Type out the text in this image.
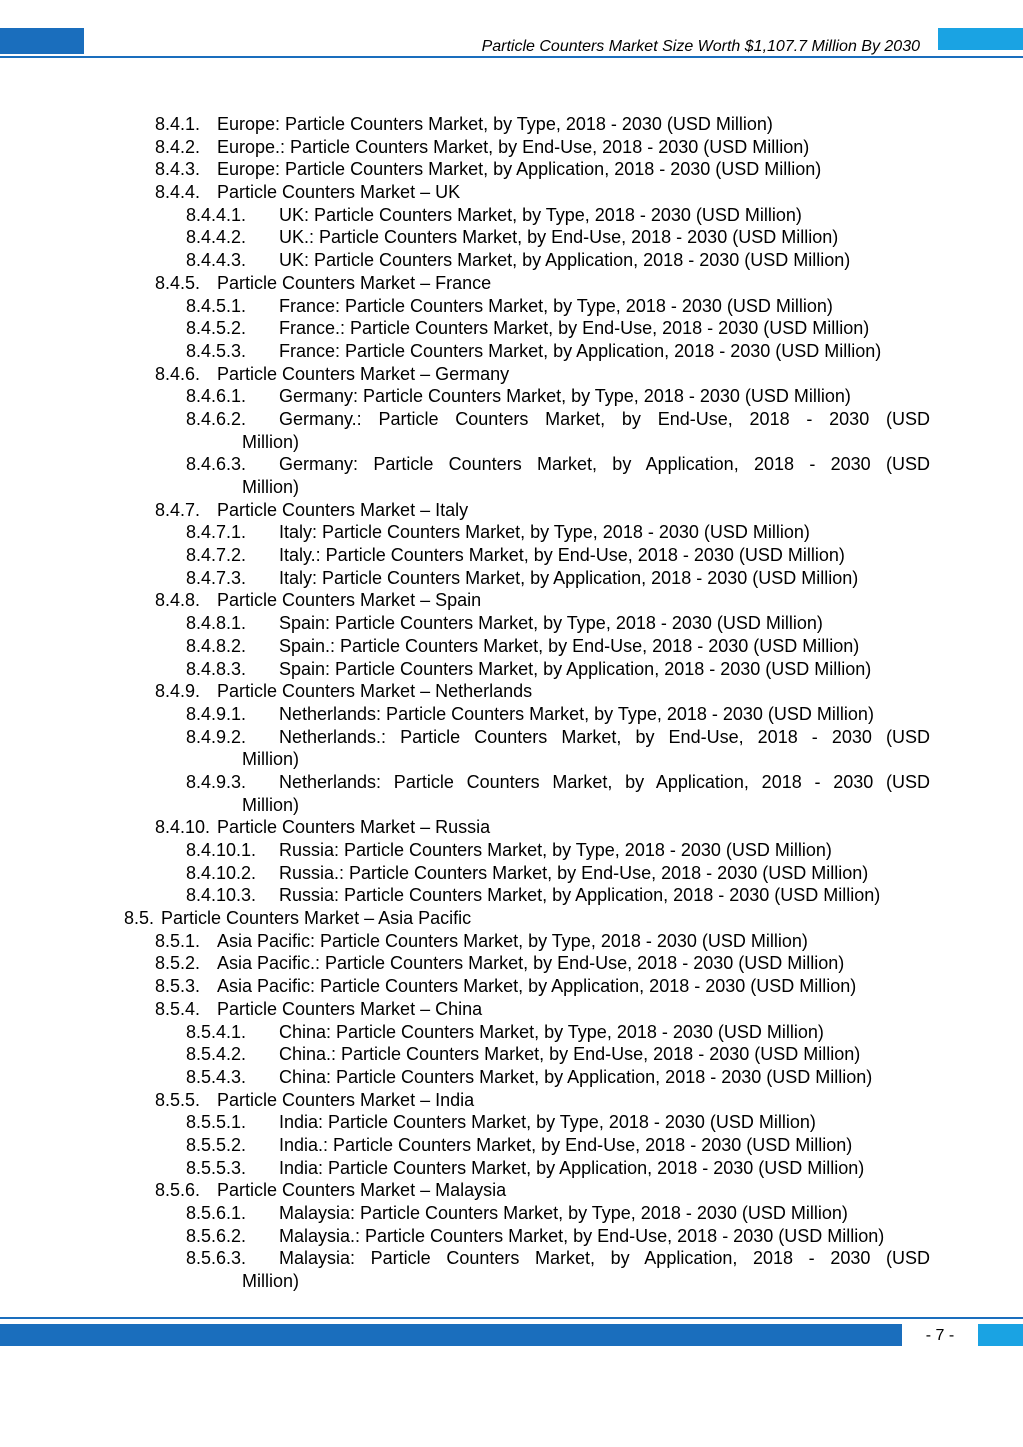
Particle Counters Market Size Worth $1,107.7 Million By 2030
8.4.1. Europe: Particle Counters Market, by Type, 2018 - 2030 (USD Million)
8.4.2. Europe.: Particle Counters Market, by End-Use, 2018 - 2030 (USD Million)
8.4.3. Europe: Particle Counters Market, by Application, 2018 - 2030 (USD Million)
8.4.4. Particle Counters Market – UK
8.4.4.1. UK: Particle Counters Market, by Type, 2018 - 2030 (USD Million)
8.4.4.2. UK.: Particle Counters Market, by End-Use, 2018 - 2030 (USD Million)
8.4.4.3. UK: Particle Counters Market, by Application, 2018 - 2030 (USD Million)
8.4.5. Particle Counters Market – France
8.4.5.1. France: Particle Counters Market, by Type, 2018 - 2030 (USD Million)
8.4.5.2. France.: Particle Counters Market, by End-Use, 2018 - 2030 (USD Million)
8.4.5.3. France: Particle Counters Market, by Application, 2018 - 2030 (USD Million)
8.4.6. Particle Counters Market – Germany
8.4.6.1. Germany: Particle Counters Market, by Type, 2018 - 2030 (USD Million)
8.4.6.2. Germany.: Particle Counters Market, by End-Use, 2018 - 2030 (USD
Million)
8.4.6.3. Germany: Particle Counters Market, by Application, 2018 - 2030 (USD
Million)
8.4.7. Particle Counters Market – Italy
8.4.7.1. Italy: Particle Counters Market, by Type, 2018 - 2030 (USD Million)
8.4.7.2. Italy.: Particle Counters Market, by End-Use, 2018 - 2030 (USD Million)
8.4.7.3. Italy: Particle Counters Market, by Application, 2018 - 2030 (USD Million)
8.4.8. Particle Counters Market – Spain
8.4.8.1. Spain: Particle Counters Market, by Type, 2018 - 2030 (USD Million)
8.4.8.2. Spain.: Particle Counters Market, by End-Use, 2018 - 2030 (USD Million)
8.4.8.3. Spain: Particle Counters Market, by Application, 2018 - 2030 (USD Million)
8.4.9. Particle Counters Market – Netherlands
8.4.9.1. Netherlands: Particle Counters Market, by Type, 2018 - 2030 (USD Million)
8.4.9.2. Netherlands.: Particle Counters Market, by End-Use, 2018 - 2030 (USD
Million)
8.4.9.3. Netherlands: Particle Counters Market, by Application, 2018 - 2030 (USD
Million)
8.4.10. Particle Counters Market – Russia
8.4.10.1. Russia: Particle Counters Market, by Type, 2018 - 2030 (USD Million)
8.4.10.2. Russia.: Particle Counters Market, by End-Use, 2018 - 2030 (USD Million)
8.4.10.3. Russia: Particle Counters Market, by Application, 2018 - 2030 (USD Million)
8.5. Particle Counters Market – Asia Pacific
8.5.1. Asia Pacific: Particle Counters Market, by Type, 2018 - 2030 (USD Million)
8.5.2. Asia Pacific.: Particle Counters Market, by End-Use, 2018 - 2030 (USD Million)
8.5.3. Asia Pacific: Particle Counters Market, by Application, 2018 - 2030 (USD Million)
8.5.4. Particle Counters Market – China
8.5.4.1. China: Particle Counters Market, by Type, 2018 - 2030 (USD Million)
8.5.4.2. China.: Particle Counters Market, by End-Use, 2018 - 2030 (USD Million)
8.5.4.3. China: Particle Counters Market, by Application, 2018 - 2030 (USD Million)
8.5.5. Particle Counters Market – India
8.5.5.1. India: Particle Counters Market, by Type, 2018 - 2030 (USD Million)
8.5.5.2. India.: Particle Counters Market, by End-Use, 2018 - 2030 (USD Million)
8.5.5.3. India: Particle Counters Market, by Application, 2018 - 2030 (USD Million)
8.5.6. Particle Counters Market – Malaysia
8.5.6.1. Malaysia: Particle Counters Market, by Type, 2018 - 2030 (USD Million)
8.5.6.2. Malaysia.: Particle Counters Market, by End-Use, 2018 - 2030 (USD Million)
8.5.6.3. Malaysia: Particle Counters Market, by Application, 2018 - 2030 (USD
Million)
- 7 -
